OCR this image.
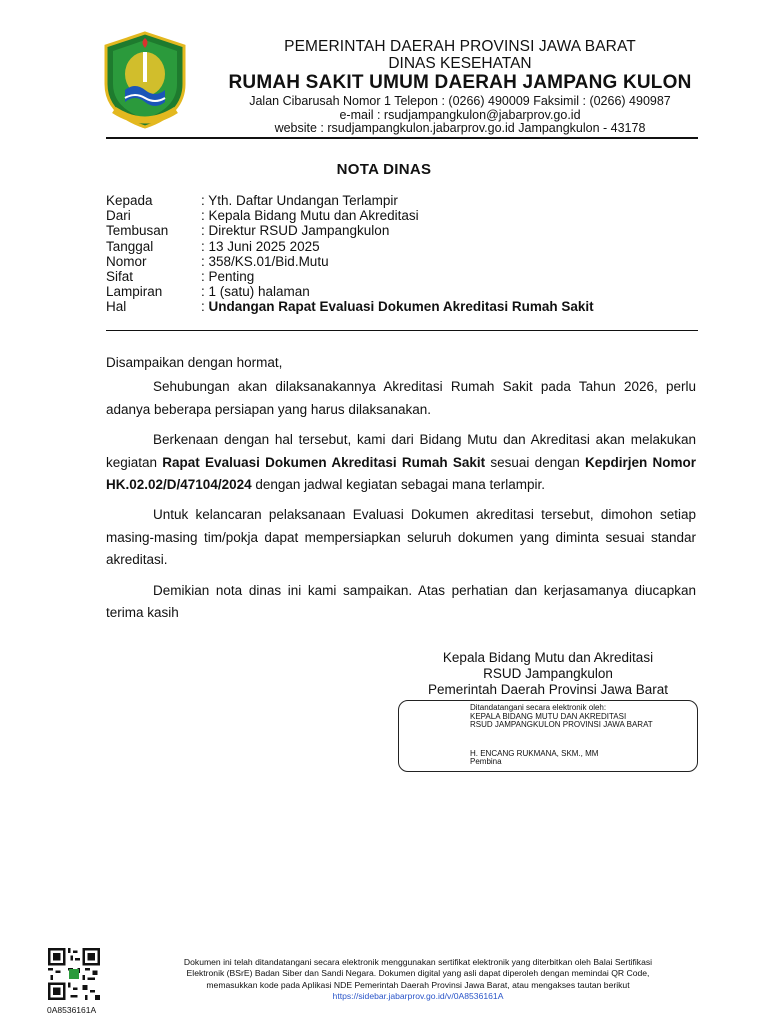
PEMERINTAH DAERAH PROVINSI JAWA BARAT
DINAS KESEHATAN
RUMAH SAKIT UMUM DAERAH JAMPANG KULON
Jalan Cibarusah Nomor 1 Telepon : (0266) 490009 Faksimil : (0266) 490987
e-mail : rsudjampangkulon@jabarprov.go.id
website : rsudjampangkulon.jabarprov.go.id Jampangkulon - 43178
NOTA DINAS
Kepada	: Yth. Daftar Undangan Terlampir
Dari	: Kepala Bidang Mutu dan Akreditasi
Tembusan	: Direktur RSUD Jampangkulon
Tanggal	: 13 Juni 2025 2025
Nomor	: 358/KS.01/Bid.Mutu
Sifat	: Penting
Lampiran	: 1 (satu) halaman
Hal	: Undangan Rapat Evaluasi Dokumen Akreditasi Rumah Sakit
Disampaikan dengan hormat,
Sehubungan akan dilaksanakannya Akreditasi Rumah Sakit pada Tahun 2026, perlu adanya beberapa persiapan yang harus dilaksanakan.
Berkenaan dengan hal tersebut, kami dari Bidang Mutu dan Akreditasi akan melakukan kegiatan Rapat Evaluasi Dokumen Akreditasi Rumah Sakit sesuai dengan Kepdirjen Nomor HK.02.02/D/47104/2024 dengan jadwal kegiatan sebagai mana terlampir.
Untuk kelancaran pelaksanaan Evaluasi Dokumen akreditasi tersebut, dimohon setiap masing-masing tim/pokja dapat mempersiapkan seluruh dokumen yang diminta sesuai standar akreditasi.
Demikian nota dinas ini kami sampaikan. Atas perhatian dan kerjasamanya diucapkan terima kasih
Kepala Bidang Mutu dan Akreditasi
RSUD Jampangkulon
Pemerintah Daerah Provinsi Jawa Barat
Ditandatangani secara elektronik oleh:
KEPALA BIDANG MUTU DAN AKREDITASI
RSUD JAMPANGKULON PROVINSI JAWA BARAT
H. ENCANG RUKMANA, SKM., MM
Pembina
0A8536161A
Dokumen ini telah ditandatangani secara elektronik menggunakan sertifikat elektronik yang diterbitkan oleh Balai Sertifikasi
Elektronik (BSrE) Badan Siber dan Sandi Negara. Dokumen digital yang asli dapat diperoleh dengan memindai QR Code,
memasukkan kode pada Aplikasi NDE Pemerintah Daerah Provinsi Jawa Barat, atau mengakses tautan berikut
https://sidebar.jabarprov.go.id/v/0A8536161A
